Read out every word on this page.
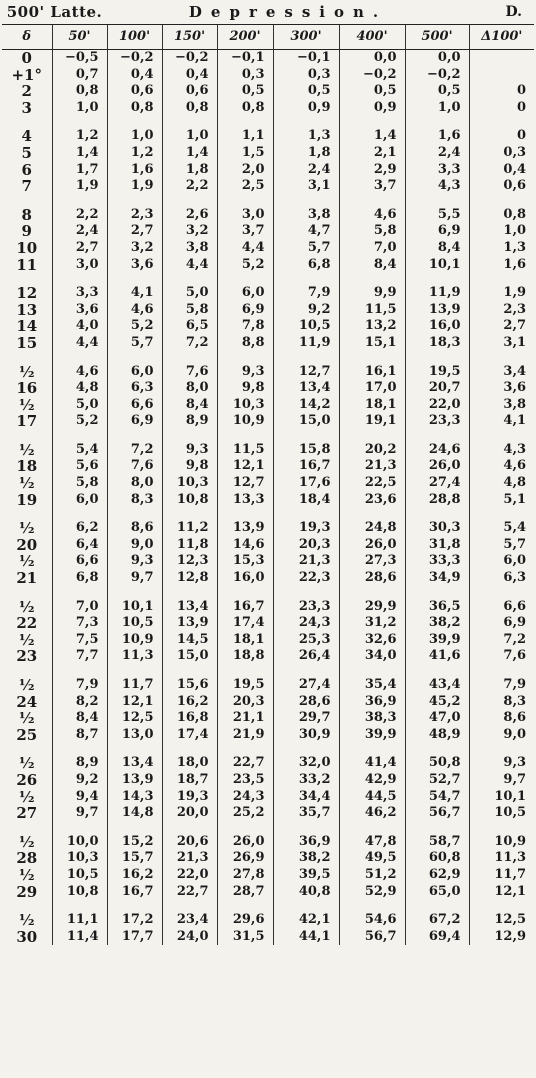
500' Latte.		Depression.						D.
δ	50'	100'	150'	200'	300'	400'	500'	Δ100'
0	−0,5	−0,2	−0,2	−0,1	−0,1	0,0	0,0	
+1°	0,7	0,4	0,4	0,3	0,3	−0,2	−0,2	
2	0,8	0,6	0,6	0,5	0,5	0,5	0,5	0
3	1,0	0,8	0,8	0,8	0,9	0,9	1,0	0

4	1,2	1,0	1,0	1,1	1,3	1,4	1,6	0
5	1,4	1,2	1,4	1,5	1,8	2,1	2,4	0,3
6	1,7	1,6	1,8	2,0	2,4	2,9	3,3	0,4
7	1,9	1,9	2,2	2,5	3,1	3,7	4,3	0,6

8	2,2	2,3	2,6	3,0	3,8	4,6	5,5	0,8
9	2,4	2,7	3,2	3,7	4,7	5,8	6,9	1,0
10	2,7	3,2	3,8	4,4	5,7	7,0	8,4	1,3
11	3,0	3,6	4,4	5,2	6,8	8,4	10,1	1,6

12	3,3	4,1	5,0	6,0	7,9	9,9	11,9	1,9
13	3,6	4,6	5,8	6,9	9,2	11,5	13,9	2,3
14	4,0	5,2	6,5	7,8	10,5	13,2	16,0	2,7
15	4,4	5,7	7,2	8,8	11,9	15,1	18,3	3,1

½	4,6	6,0	7,6	9,3	12,7	16,1	19,5	3,4
16	4,8	6,3	8,0	9,8	13,4	17,0	20,7	3,6
½	5,0	6,6	8,4	10,3	14,2	18,1	22,0	3,8
17	5,2	6,9	8,9	10,9	15,0	19,1	23,3	4,1

½	5,4	7,2	9,3	11,5	15,8	20,2	24,6	4,3
18	5,6	7,6	9,8	12,1	16,7	21,3	26,0	4,6
½	5,8	8,0	10,3	12,7	17,6	22,5	27,4	4,8
19	6,0	8,3	10,8	13,3	18,4	23,6	28,8	5,1

½	6,2	8,6	11,2	13,9	19,3	24,8	30,3	5,4
20	6,4	9,0	11,8	14,6	20,3	26,0	31,8	5,7
½	6,6	9,3	12,3	15,3	21,3	27,3	33,3	6,0
21	6,8	9,7	12,8	16,0	22,3	28,6	34,9	6,3

½	7,0	10,1	13,4	16,7	23,3	29,9	36,5	6,6
22	7,3	10,5	13,9	17,4	24,3	31,2	38,2	6,9
½	7,5	10,9	14,5	18,1	25,3	32,6	39,9	7,2
23	7,7	11,3	15,0	18,8	26,4	34,0	41,6	7,6

½	7,9	11,7	15,6	19,5	27,4	35,4	43,4	7,9
24	8,2	12,1	16,2	20,3	28,6	36,9	45,2	8,3
½	8,4	12,5	16,8	21,1	29,7	38,3	47,0	8,6
25	8,7	13,0	17,4	21,9	30,9	39,9	48,9	9,0

½	8,9	13,4	18,0	22,7	32,0	41,4	50,8	9,3
26	9,2	13,9	18,7	23,5	33,2	42,9	52,7	9,7
½	9,4	14,3	19,3	24,3	34,4	44,5	54,7	10,1
27	9,7	14,8	20,0	25,2	35,7	46,2	56,7	10,5

½	10,0	15,2	20,6	26,0	36,9	47,8	58,7	10,9
28	10,3	15,7	21,3	26,9	38,2	49,5	60,8	11,3
½	10,5	16,2	22,0	27,8	39,5	51,2	62,9	11,7
29	10,8	16,7	22,7	28,7	40,8	52,9	65,0	12,1

½	11,1	17,2	23,4	29,6	42,1	54,6	67,2	12,5
30	11,4	17,7	24,0	31,5	44,1	56,7	69,4	12,9
